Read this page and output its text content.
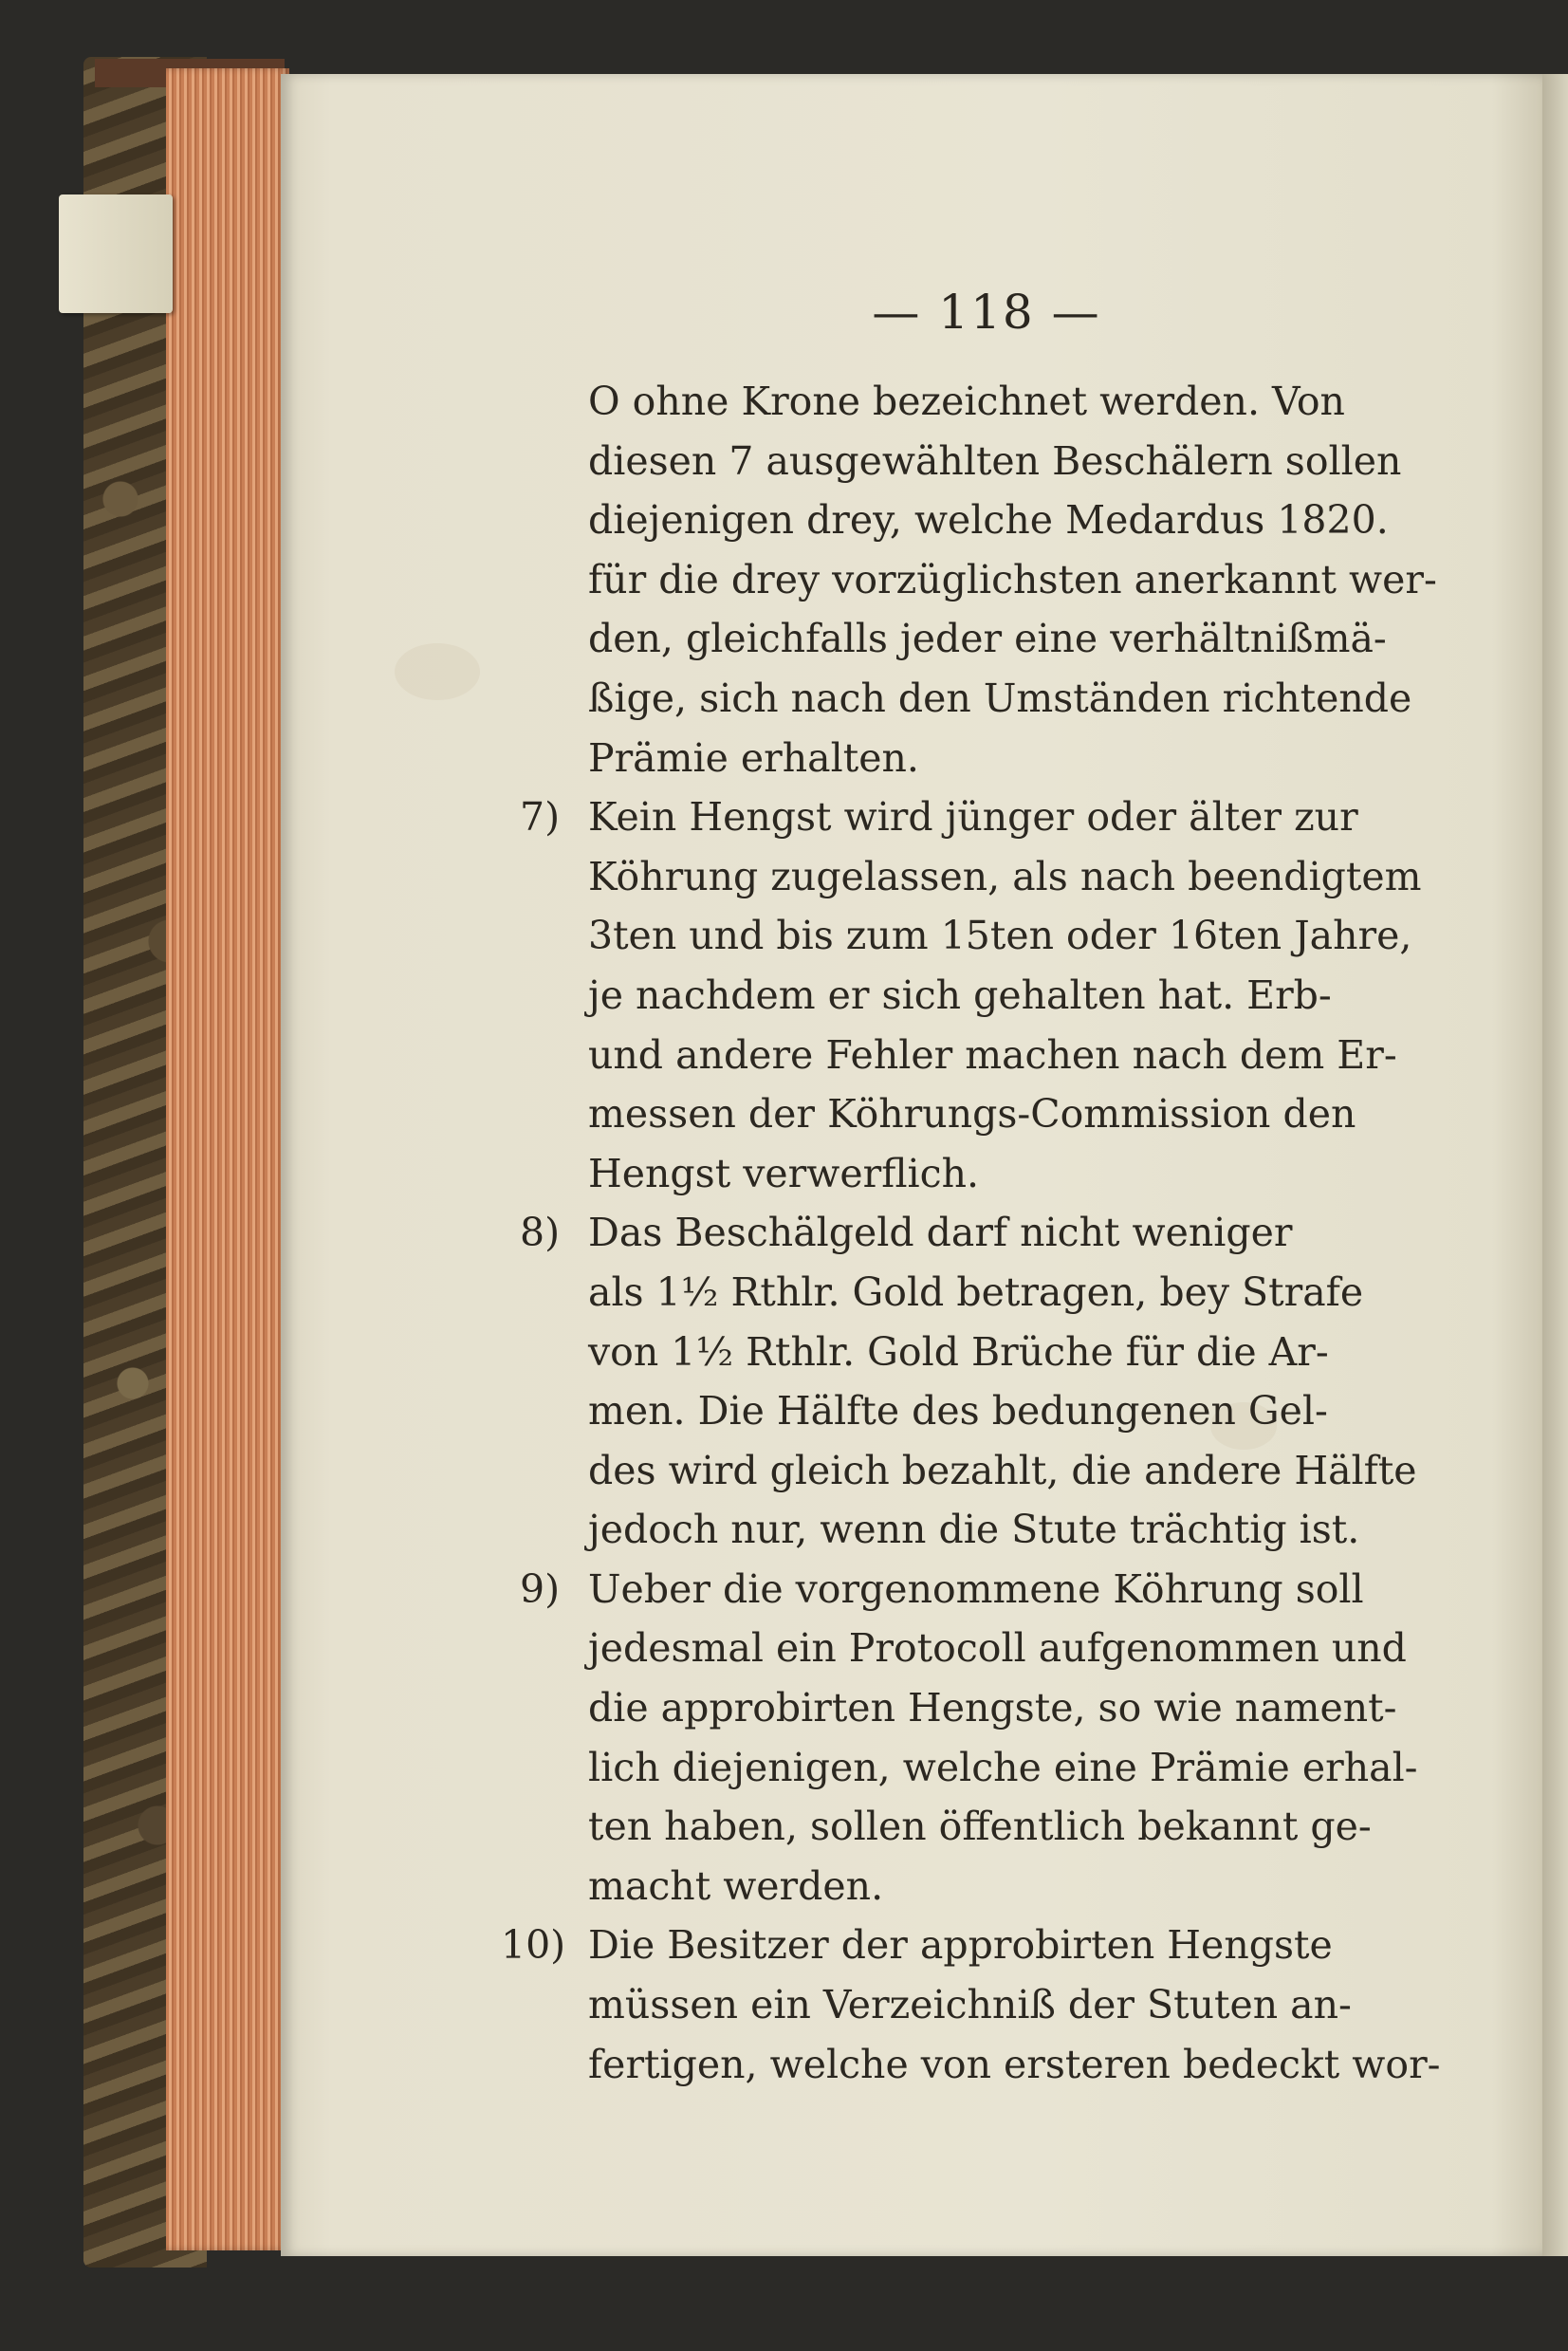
— 118 —
O ohne Krone bezeichnet werden. Von
diesen 7 ausgewählten Beschälern sollen
diejenigen drey, welche Medardus 1820.
für die drey vorzüglichsten anerkannt wer-
den, gleichfalls jeder eine verhältnißmä-
ßige, sich nach den Umständen richtende
Prämie erhalten.
7) Kein Hengst wird jünger oder älter zur
Köhrung zugelassen, als nach beendigtem
3ten und bis zum 15ten oder 16ten Jahre,
je nachdem er sich gehalten hat. Erb-
und andere Fehler machen nach dem Er-
messen der Köhrungs-Commission den
Hengst verwerflich.
8) Das Beschälgeld darf nicht weniger
als 1½ Rthlr. Gold betragen, bey Strafe
von 1½ Rthlr. Gold Brüche für die Ar-
men. Die Hälfte des bedungenen Gel-
des wird gleich bezahlt, die andere Hälfte
jedoch nur, wenn die Stute trächtig ist.
9) Ueber die vorgenommene Köhrung soll
jedesmal ein Protocoll aufgenommen und
die approbirten Hengste, so wie nament-
lich diejenigen, welche eine Prämie erhal-
ten haben, sollen öffentlich bekannt ge-
macht werden.
10) Die Besitzer der approbirten Hengste
müssen ein Verzeichniß der Stuten an-
fertigen, welche von ersteren bedeckt wor-
